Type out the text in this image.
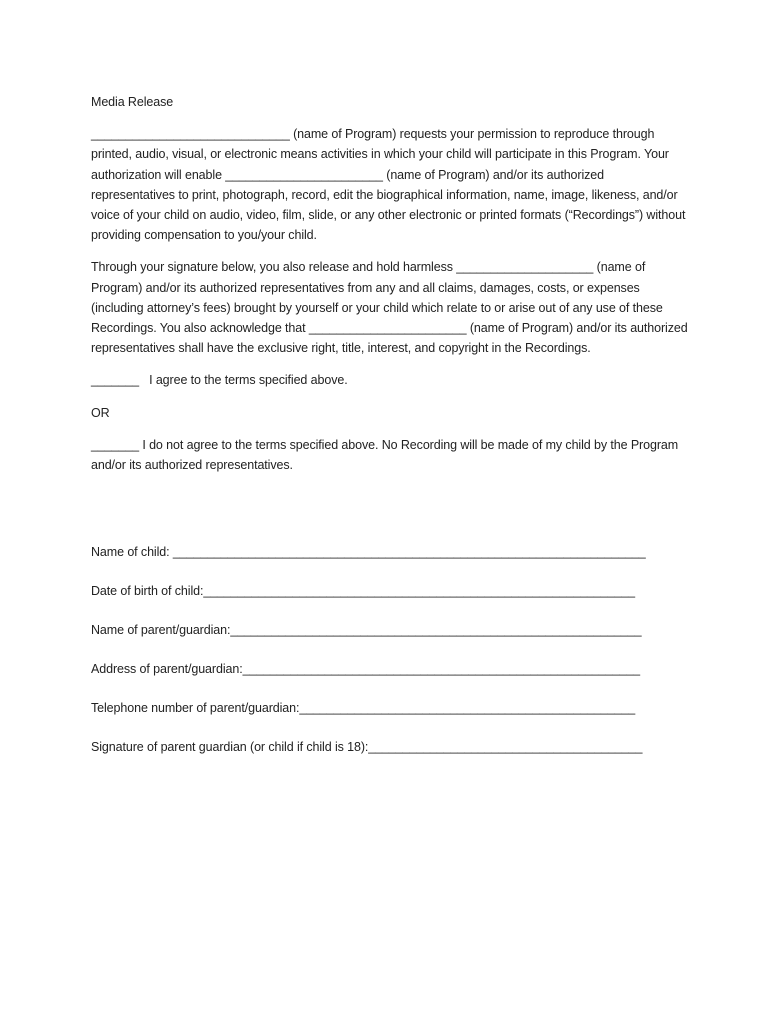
Media Release

_____________________________ (name of Program) requests your permission to reproduce through printed, audio, visual, or electronic means activities in which your child will participate in this Program. Your authorization will enable _______________________ (name of Program) and/or its authorized representatives to print, photograph, record, edit the biographical information, name, image, likeness, and/or voice of your child on audio, video, film, slide, or any other electronic or printed formats (“Recordings”) without providing compensation to you/your child.

Through your signature below, you also release and hold harmless ____________________ (name of Program) and/or its authorized representatives from any and all claims, damages, costs, or expenses (including attorney’s fees) brought by yourself or your child which relate to or arise out of any use of these Recordings. You also acknowledge that _______________________ (name of Program) and/or its authorized representatives shall have the exclusive right, title, interest, and copyright in the Recordings.

_______   I agree to the terms specified above.
OR

_______ I do not agree to the terms specified above. No Recording will be made of my child by the Program and/or its authorized representatives.

Name of child: _____________________________________________________________________
Date of birth of child:_______________________________________________________________
Name of parent/guardian:____________________________________________________________
Address of parent/guardian:__________________________________________________________
Telephone number of parent/guardian:_________________________________________________
Signature of parent guardian (or child if child is 18):________________________________________
